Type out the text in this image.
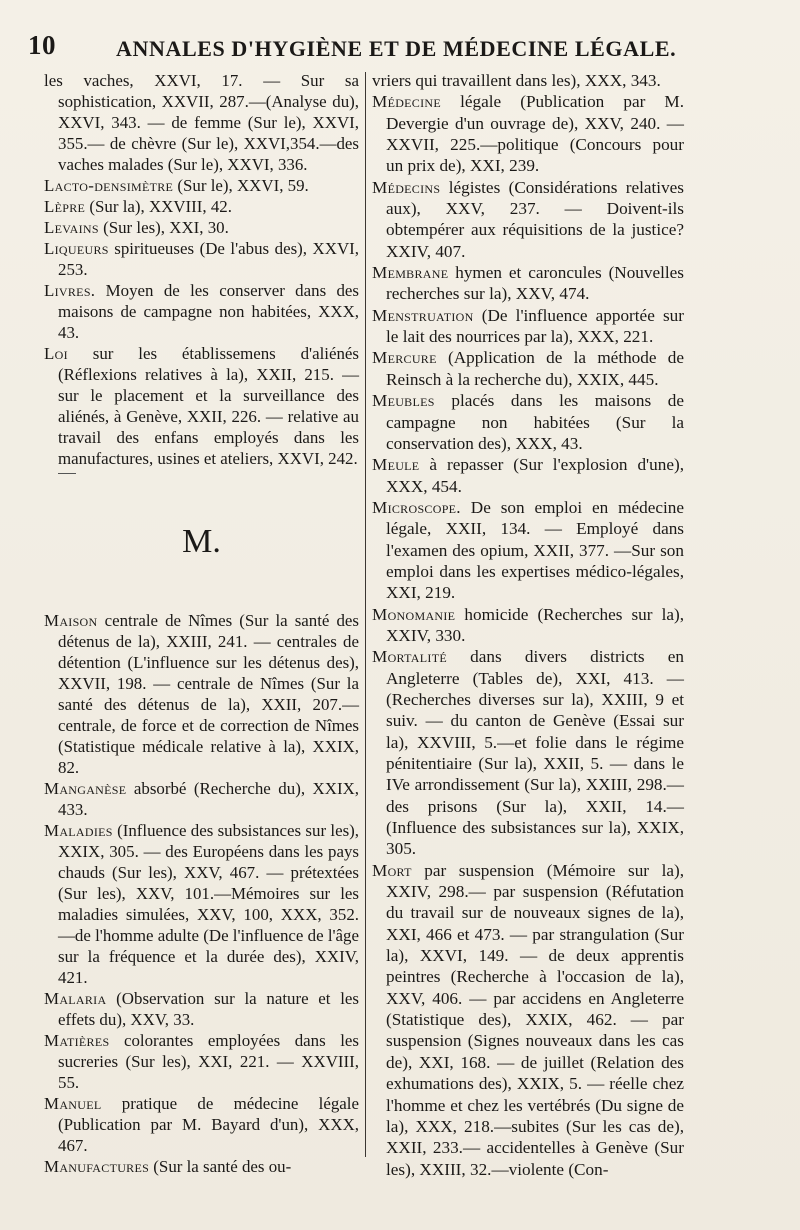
10	ANNALES D'HYGIÈNE ET DE MÉDECINE LÉGALE.

les vaches, XXVI, 17. — Sur sa sophistication, XXVII, 287.—(Analyse du), XXVI, 343. — de femme (Sur le), XXVI, 355.— de chèvre (Sur le), XXVI,354.—des vaches malades (Sur le), XXVI, 336.

Lacto-densimètre (Sur le), XXVI, 59.

Lèpre (Sur la), XXVIII, 42.

Levains (Sur les), XXI, 30.

Liqueurs spiritueuses (De l'abus des), XXVI, 253.

Livres. Moyen de les conserver dans des maisons de campagne non habitées, XXX, 43.

Loi sur les établissemens d'aliénés (Réflexions relatives à la), XXII, 215. — sur le placement et la surveillance des aliénés, à Genève, XXII, 226. — relative au travail des enfans employés dans les manufactures, usines et ateliers, XXVI, 242.

M.

Maison centrale de Nîmes (Sur la santé des détenus de la), XXIII, 241. — centrales de détention (L'influence sur les détenus des), XXVII, 198. — centrale de Nîmes (Sur la santé des détenus de la), XXII, 207.— centrale, de force et de correction de Nîmes (Statistique médicale relative à la), XXIX, 82.

Manganèse absorbé (Recherche du), XXIX, 433.

Maladies (Influence des subsistances sur les), XXIX, 305. — des Européens dans les pays chauds (Sur les), XXV, 467. — prétextées (Sur les), XXV, 101.—Mémoires sur les maladies simulées, XXV, 100, XXX, 352. —de l'homme adulte (De l'influence de l'âge sur la fréquence et la durée des), XXIV, 421.

Malaria (Observation sur la nature et les effets du), XXV, 33.

Matières colorantes employées dans les sucreries (Sur les), XXI, 221. — XXVIII, 55.

Manuel pratique de médecine légale (Publication par M. Bayard d'un), XXX, 467.

Manufactures (Sur la santé des ou-

vriers qui travaillent dans les), XXX, 343.

Médecine légale (Publication par M. Devergie d'un ouvrage de), XXV, 240. —XXVII, 225.—politique (Concours pour un prix de), XXI, 239.

Médecins légistes (Considérations relatives aux), XXV, 237. — Doivent-ils obtempérer aux réquisitions de la justice? XXIV, 407.

Membrane hymen et caroncules (Nouvelles recherches sur la), XXV, 474.

Menstruation (De l'influence apportée sur le lait des nourrices par la), XXX, 221.

Mercure (Application de la méthode de Reinsch à la recherche du), XXIX, 445.

Meubles placés dans les maisons de campagne non habitées (Sur la conservation des), XXX, 43.

Meule à repasser (Sur l'explosion d'une), XXX, 454.

Microscope. De son emploi en médecine légale, XXII, 134. — Employé dans l'examen des opium, XXII, 377. —Sur son emploi dans les expertises médico-légales, XXI, 219.

Monomanie homicide (Recherches sur la), XXIV, 330.

Mortalité dans divers districts en Angleterre (Tables de), XXI, 413. —(Recherches diverses sur la), XXIII, 9 et suiv. — du canton de Genève (Essai sur la), XXVIII, 5.—et folie dans le régime pénitentiaire (Sur la), XXII, 5. — dans le IVe arrondissement (Sur la), XXIII, 298.— des prisons (Sur la), XXII, 14.— (Influence des subsistances sur la), XXIX, 305.

Mort par suspension (Mémoire sur la), XXIV, 298.— par suspension (Réfutation du travail sur de nouveaux signes de la), XXI, 466 et 473. — par strangulation (Sur la), XXVI, 149. — de deux apprentis peintres (Recherche à l'occasion de la), XXV, 406. — par accidens en Angleterre (Statistique des), XXIX, 462. — par suspension (Signes nouveaux dans les cas de), XXI, 168. — de juillet (Relation des exhumations des), XXIX, 5. — réelle chez l'homme et chez les vertébrés (Du signe de la), XXX, 218.—subites (Sur les cas de), XXII, 233.— accidentelles à Genève (Sur les), XXIII, 32.—violente (Con-
